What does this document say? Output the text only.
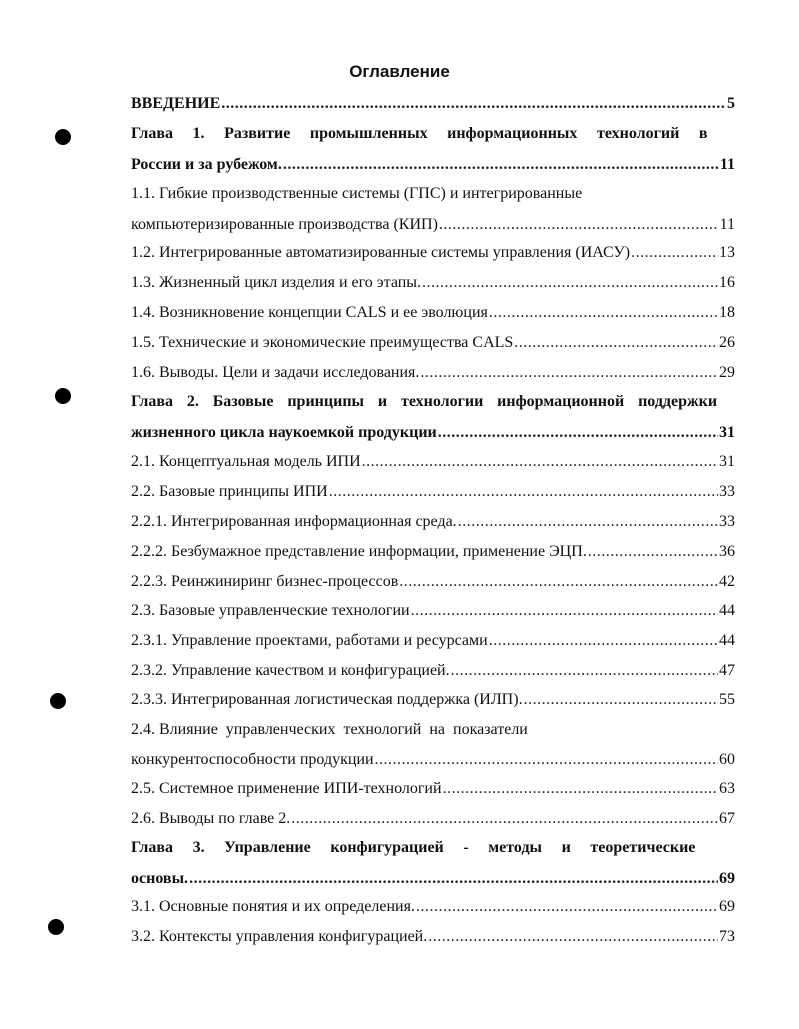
Оглавление
ВВЕДЕНИЕ .....	5
Глава 1. Развитие промышленных информационных технологий в
России и за рубежом. .....	11
1.1. Гибкие производственные системы (ГПС) и интегрированные
компьютеризированные производства (КИП) .....	11
1.2. Интегрированные автоматизированные системы управления (ИАСУ) .....	13
1.3. Жизненный цикл изделия и его этапы. .....	16
1.4. Возникновение концепции CALS и ее эволюция .....	18
1.5. Технические и экономические преимущества CALS .....	26
1.6. Выводы. Цели и задачи исследования. .....	29
Глава 2. Базовые принципы и технологии информационной поддержки
жизненного цикла наукоемкой продукции .....	31
2.1. Концептуальная модель ИПИ .....	31
2.2. Базовые принципы ИПИ .....	33
2.2.1. Интегрированная информационная среда. .....	33
2.2.2. Безбумажное представление информации, применение ЭЦП. .....	36
2.2.3. Реинжиниринг бизнес-процессов .....	42
2.3. Базовые управленческие технологии .....	44
2.3.1. Управление проектами, работами и ресурсами .....	44
2.3.2. Управление качеством и конфигурацией. .....	47
2.3.3. Интегрированная логистическая поддержка (ИЛП). .....	55
2.4. Влияние  управленческих  технологий  на  показатели
конкурентоспособности продукции .....	60
2.5. Системное применение ИПИ-технологий .....	63
2.6. Выводы по главе 2. .....	67
Глава 3. Управление конфигурацией - методы и теоретические
основы. .....	69
3.1. Основные понятия и их определения. .....	69
3.2. Контексты управления конфигурацией. .....	73
